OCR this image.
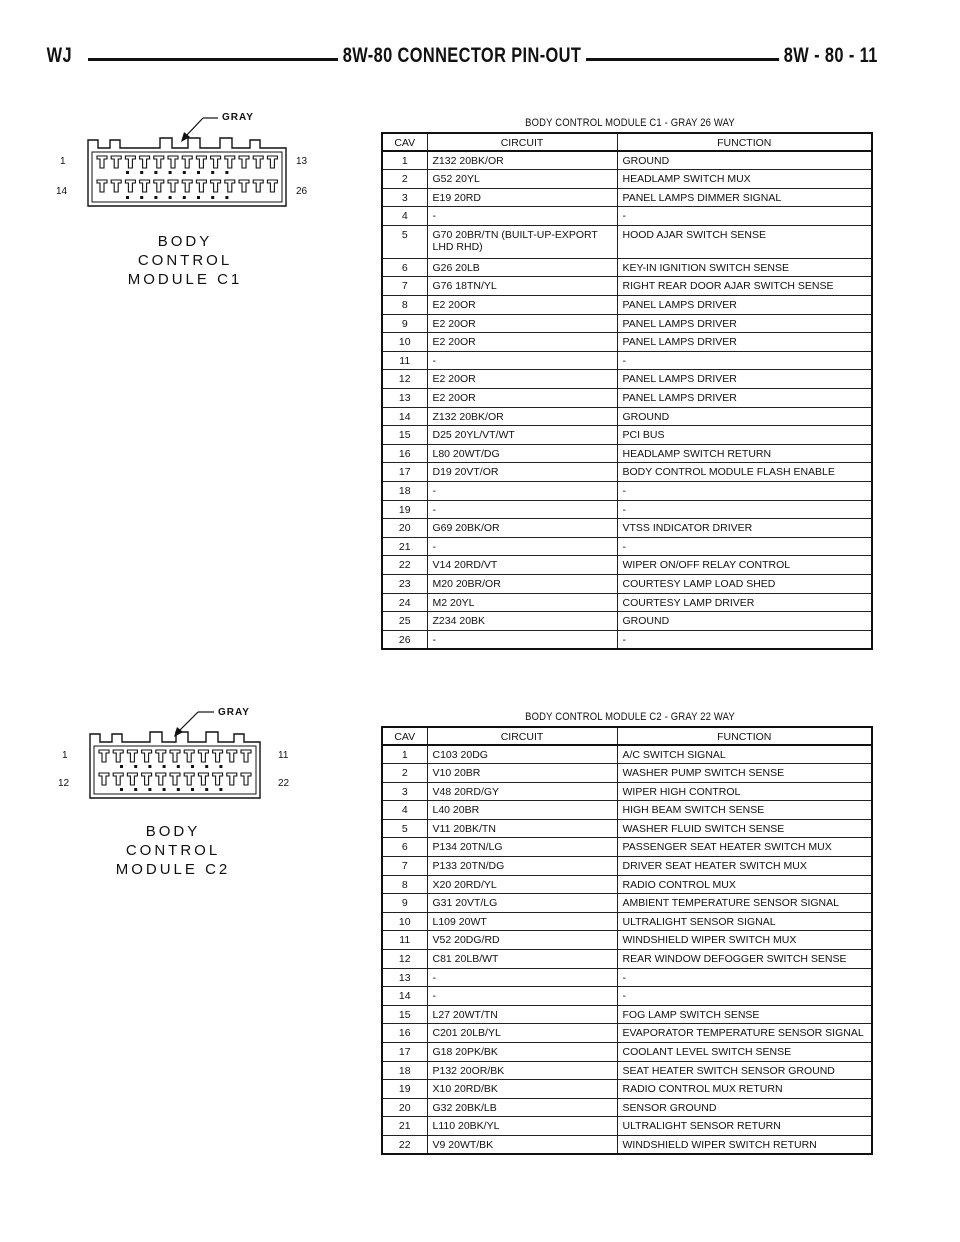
WJ	8W-80 CONNECTOR PIN-OUT	8W - 80 - 11
GRAY
1	13
14	26
BODY
CONTROL
MODULE C1
BODY CONTROL MODULE C1 - GRAY 26 WAY
CAV	CIRCUIT	FUNCTION
1	Z132 20BK/OR	GROUND
2	G52 20YL	HEADLAMP SWITCH MUX
3	E19 20RD	PANEL LAMPS DIMMER SIGNAL
4	-	-
5	G70 20BR/TN (BUILT-UP-EXPORT LHD RHD)	HOOD AJAR SWITCH SENSE
6	G26 20LB	KEY-IN IGNITION SWITCH SENSE
7	G76 18TN/YL	RIGHT REAR DOOR AJAR SWITCH SENSE
8	E2 20OR	PANEL LAMPS DRIVER
9	E2 20OR	PANEL LAMPS DRIVER
10	E2 20OR	PANEL LAMPS DRIVER
11	-	-
12	E2 20OR	PANEL LAMPS DRIVER
13	E2 20OR	PANEL LAMPS DRIVER
14	Z132 20BK/OR	GROUND
15	D25 20YL/VT/WT	PCI BUS
16	L80 20WT/DG	HEADLAMP SWITCH RETURN
17	D19 20VT/OR	BODY CONTROL MODULE FLASH ENABLE
18	-	-
19	-	-
20	G69 20BK/OR	VTSS INDICATOR DRIVER
21	-	-
22	V14 20RD/VT	WIPER ON/OFF RELAY CONTROL
23	M20 20BR/OR	COURTESY LAMP LOAD SHED
24	M2 20YL	COURTESY LAMP DRIVER
25	Z234 20BK	GROUND
26	-	-
GRAY
1	11
12	22
BODY
CONTROL
MODULE C2
BODY CONTROL MODULE C2 - GRAY 22 WAY
CAV	CIRCUIT	FUNCTION
1	C103 20DG	A/C SWITCH SIGNAL
2	V10 20BR	WASHER PUMP SWITCH SENSE
3	V48 20RD/GY	WIPER HIGH CONTROL
4	L40 20BR	HIGH BEAM SWITCH SENSE
5	V11 20BK/TN	WASHER FLUID SWITCH SENSE
6	P134 20TN/LG	PASSENGER SEAT HEATER SWITCH MUX
7	P133 20TN/DG	DRIVER SEAT HEATER SWITCH MUX
8	X20 20RD/YL	RADIO CONTROL MUX
9	G31 20VT/LG	AMBIENT TEMPERATURE SENSOR SIGNAL
10	L109 20WT	ULTRALIGHT SENSOR SIGNAL
11	V52 20DG/RD	WINDSHIELD WIPER SWITCH MUX
12	C81 20LB/WT	REAR WINDOW DEFOGGER SWITCH SENSE
13	-	-
14	-	-
15	L27 20WT/TN	FOG LAMP SWITCH SENSE
16	C201 20LB/YL	EVAPORATOR TEMPERATURE SENSOR SIGNAL
17	G18 20PK/BK	COOLANT LEVEL SWITCH SENSE
18	P132 20OR/BK	SEAT HEATER SWITCH SENSOR GROUND
19	X10 20RD/BK	RADIO CONTROL MUX RETURN
20	G32 20BK/LB	SENSOR GROUND
21	L110 20BK/YL	ULTRALIGHT SENSOR RETURN
22	V9 20WT/BK	WINDSHIELD WIPER SWITCH RETURN
